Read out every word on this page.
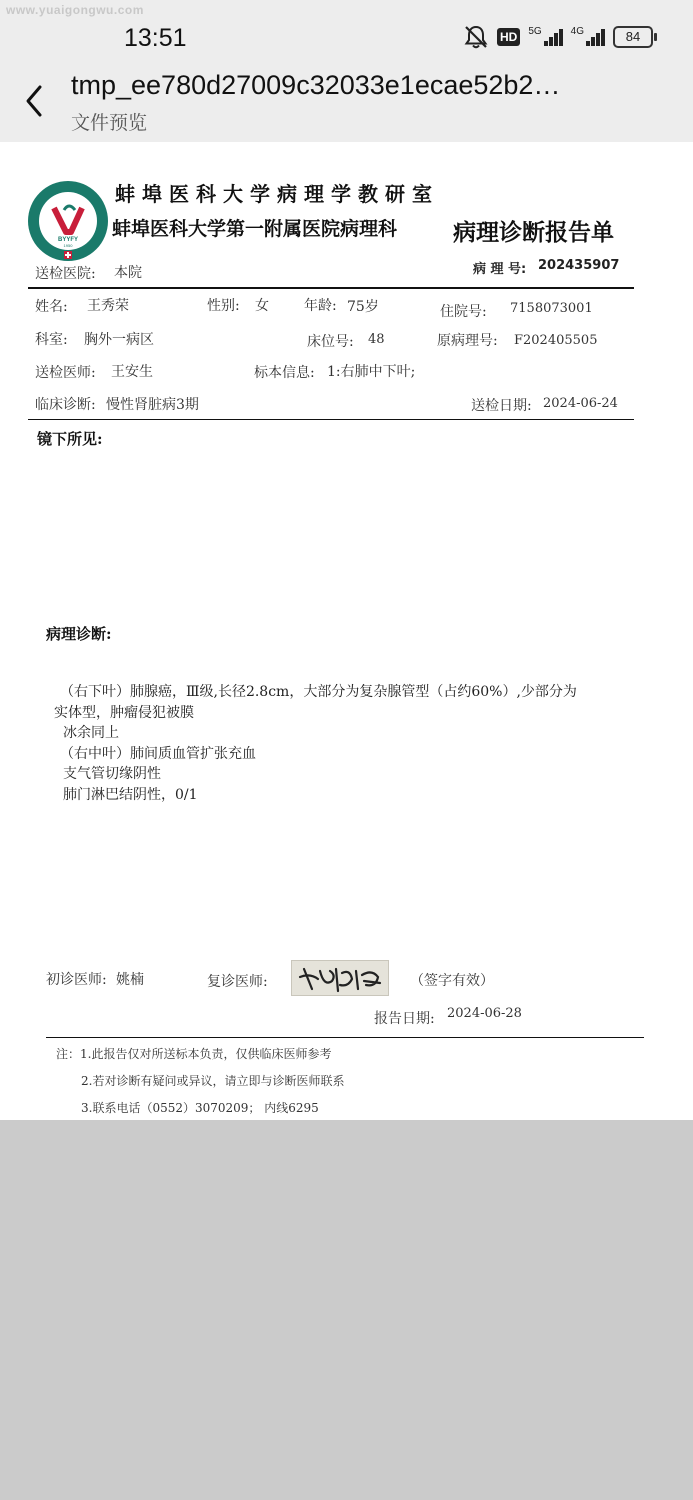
www.yuaigongwu.com
13:51	HD	5G	4G	84
tmp_ee780d27009c32033e1ecae52b2…
文件预览
BYYFY
1950
蚌埠医科大学病理学教研室
蚌埠医科大学第一附属医院病理科 病理诊断报告单
送检医院: 本院	病 理 号: 202435907
姓名: 王秀荣	性别: 女	年龄: 75岁	住院号: 7158073001
科室: 胸外一病区	床位号: 48	原病理号: F202405505
送检医师: 王安生	标本信息: 1:右肺中下叶;
临床诊断: 慢性肾脏病3期	送检日期: 2024-06-24
镜下所见:
病理诊断:
（右下叶）肺腺癌，Ⅲ级,长径2.8cm，大部分为复杂腺管型（占约60%）,少部分为
实体型，肿瘤侵犯被膜
冰余同上
（右中叶）肺间质血管扩张充血
支气管切缘阴性
肺门淋巴结阴性，0/1
初诊医师: 姚楠	复诊医师:	（签字有效）
报告日期: 2024-06-28
注：1.此报告仅对所送标本负责，仅供临床医师参考
2.若对诊断有疑问或异议，请立即与诊断医师联系
3.联系电话（0552）3070209； 内线6295
